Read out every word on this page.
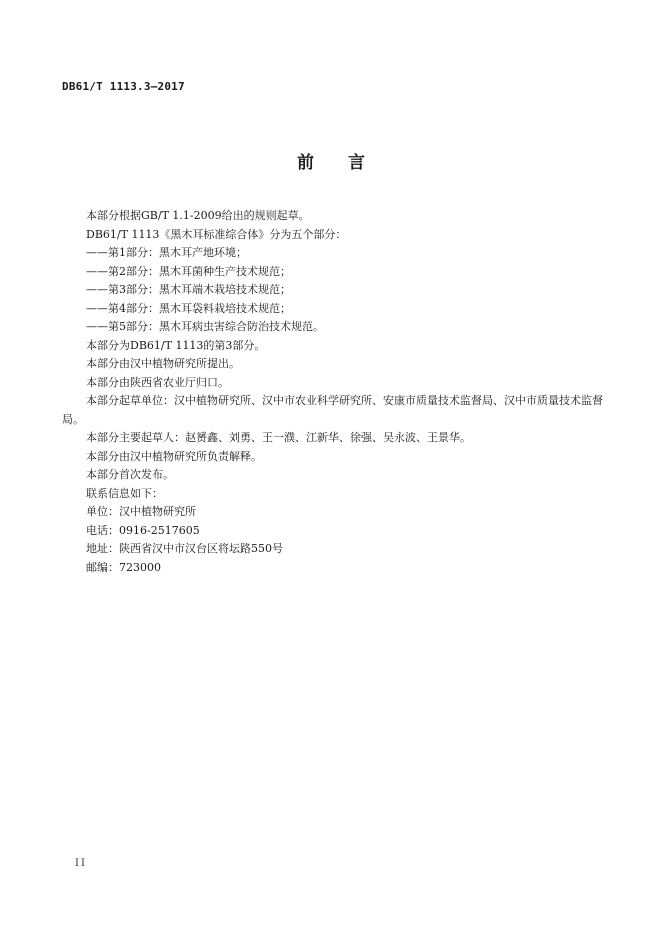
DB61/T 1113.3—2017
前 言

本部分根据GB/T 1.1-2009给出的规则起草。

DB61/T 1113《黑木耳标准综合体》分为五个部分：

——第1部分：黑木耳产地环境；

——第2部分：黑木耳菌种生产技术规范；

——第3部分：黑木耳端木栽培技术规范；

——第4部分：黑木耳袋料栽培技术规范；

——第5部分：黑木耳病虫害综合防治技术规范。

本部分为DB61/T 1113的第3部分。

本部分由汉中植物研究所提出。

本部分由陕西省农业厅归口。

本部分起草单位：汉中植物研究所、汉中市农业科学研究所、安康市质量技术监督局、汉中市质量技术监督局。

本部分主要起草人：赵赟鑫、刘勇、王一濮、江新华、徐强、吴永波、王景华。

本部分由汉中植物研究所负责解释。

本部分首次发布。

联系信息如下：

单位：汉中植物研究所

电话：0916-2517605

地址：陕西省汉中市汉台区将坛路550号

邮编：723000

II
